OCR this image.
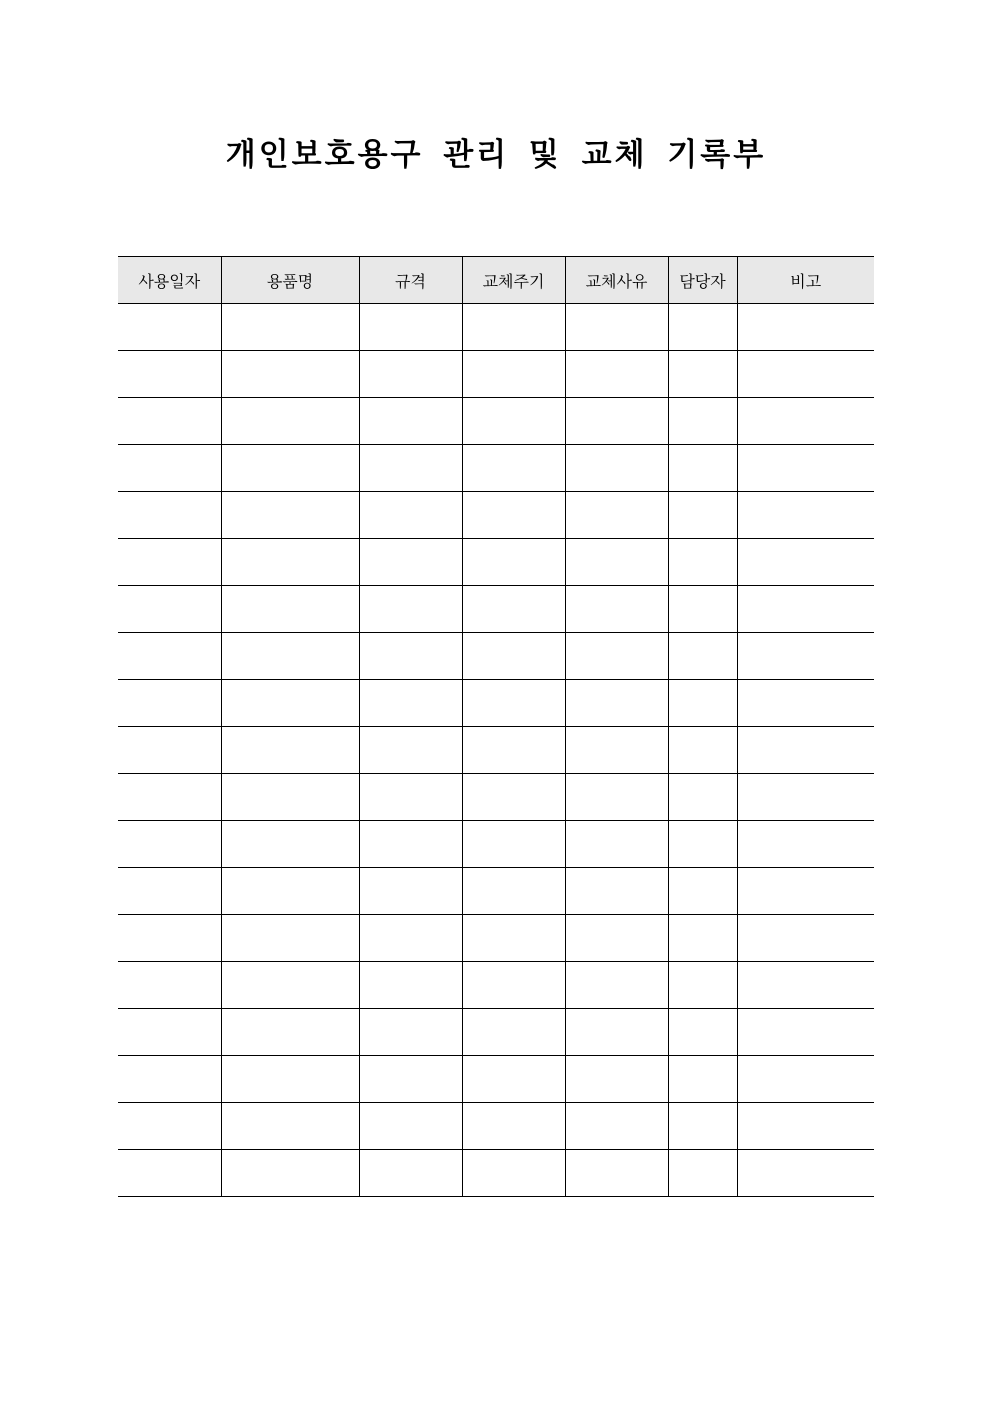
개인보호용구 관리 및 교체 기록부
사용일자	용품명	규격	교체주기	교체사유	담당자	비고
